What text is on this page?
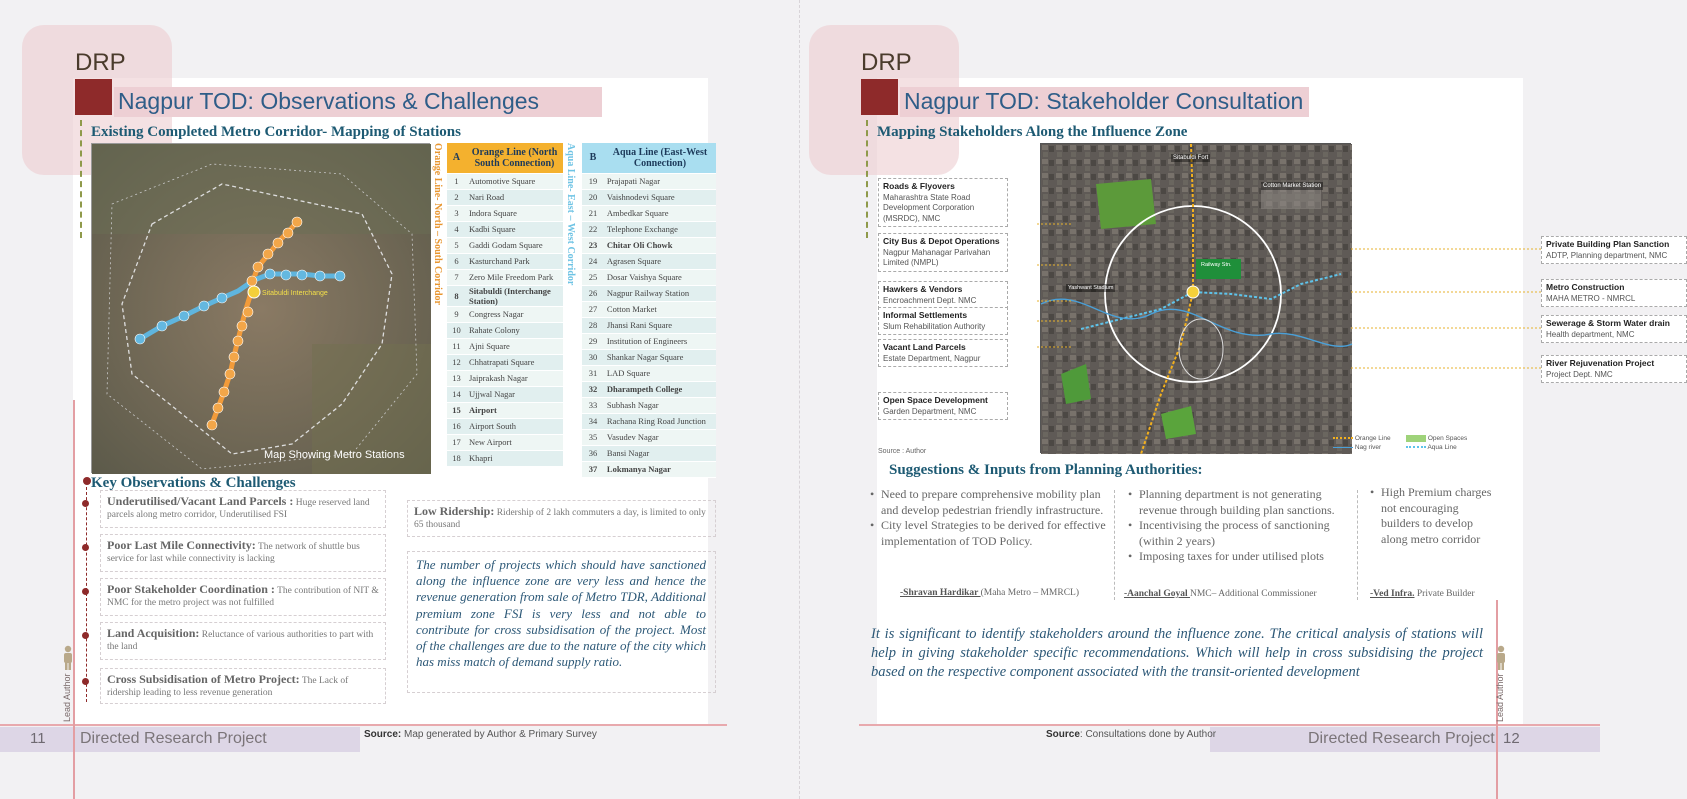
DRP
Nagpur TOD: Observations & Challenges
Existing Completed Metro Corridor- Mapping of Stations
Sitabuldi Interchange
Map Showing Metro Stations
Orange Line- North – South Corridor	Aqua Line- East – West Corridor
A	Orange Line (North South Connection)
1	Automotive Square
2	Nari Road
3	Indora Square
4	Kadbi Square
5	Gaddi Godam Square
6	Kasturchand Park
7	Zero Mile Freedom Park
8	Sitabuldi (Interchange Station)
9	Congress Nagar
10	Rahate Colony
11	Ajni Square
12	Chhatrapati Square
13	Jaiprakash Nagar
14	Ujjwal Nagar
15	Airport
16	Airport South
17	New Airport
18	Khapri
B	Aqua Line (East-West Connection)
19	Prajapati Nagar
20	Vaishnodevi Square
21	Ambedkar Square
22	Telephone Exchange
23	Chitar Oli Chowk
24	Agrasen Square
25	Dosar Vaishya Square
26	Nagpur Railway Station
27	Cotton Market
28	Jhansi Rani Square
29	Institution of Engineers
30	Shankar Nagar Square
31	LAD Square
32	Dharampeth College
33	Subhash Nagar
34	Rachana Ring Road Junction
35	Vasudev Nagar
36	Bansi Nagar
37	Lokmanya Nagar
Key Observations & Challenges
Underutilised/Vacant Land Parcels : Huge reserved land parcels along metro corridor, Underutilised FSI
Poor Last Mile Connectivity: The network of shuttle bus service for last while connectivity is lacking
Poor Stakeholder Coordination : The contribution of NIT & NMC for the metro project was not fulfilled
Land Acquisition: Reluctance of various authorities to part with the land
Cross Subsidisation of Metro Project: The Lack of ridership leading to less revenue generation
Low Ridership: Ridership of 2 lakh commuters a day, is limited to only 65 thousand
The number of projects which should have sanctioned along the influence zone are very less and hence the revenue generation from sale of Metro TDR, Additional premium zone FSI is very less and not able to contribute for cross subsidisation of the project. Most of the challenges are due to the nature of the city which has miss match of demand supply ratio.
11 Directed Research Project	Source: Map generated by Author & Primary Survey
Lead Author
DRP
Nagpur TOD: Stakeholder Consultation
Mapping Stakeholders Along the Influence Zone
Sitabuldi Fort
Cotton Market Station
Railway Stn.
Yashwant Stadium
Source : Author
Roads & Flyovers
Maharashtra State Road Development Corporation (MSRDC), NMC
City Bus & Depot Operations
Nagpur Mahanagar Parivahan Limited (NMPL)
Hawkers & Vendors
Encroachment Dept. NMC
Informal Settlements
Slum Rehabilitation Authority
Vacant Land Parcels
Estate Department, Nagpur
Open Space Development
Garden Department, NMC
Private Building Plan Sanction
ADTP, Planning department, NMC
Metro Construction
MAHA METRO - NMRCL
Sewerage & Storm Water drain
Health department, NMC
River Rejuvenation Project
Project Dept. NMC
Orange Line
Nag river
Open Spaces
Aqua Line
Suggestions & Inputs from Planning Authorities:
• Need to prepare comprehensive mobility plan and develop pedestrian friendly infrastructure.
• City level Strategies to be derived for effective implementation of TOD Policy.
• Planning department is not generating revenue through building plan sanctions.
• Incentivising the process of sanctioning (within 2 years)
• Imposing taxes for under utilised plots
• High Premium charges not encouraging builders to develop along metro corridor
-Shravan Hardikar (Maha Metro – MMRCL)	-Aanchal Goyal NMC– Additional Commissioner	-Ved Infra. Private Builder
It is significant to identify stakeholders around the influence zone. The critical analysis of stations will help in giving stakeholder specific recommendations. Which will help in cross subsidising the project based on the respective component associated with the transit-oriented development
Directed Research Project 12
Source: Consultations done by Author
Lead Author
